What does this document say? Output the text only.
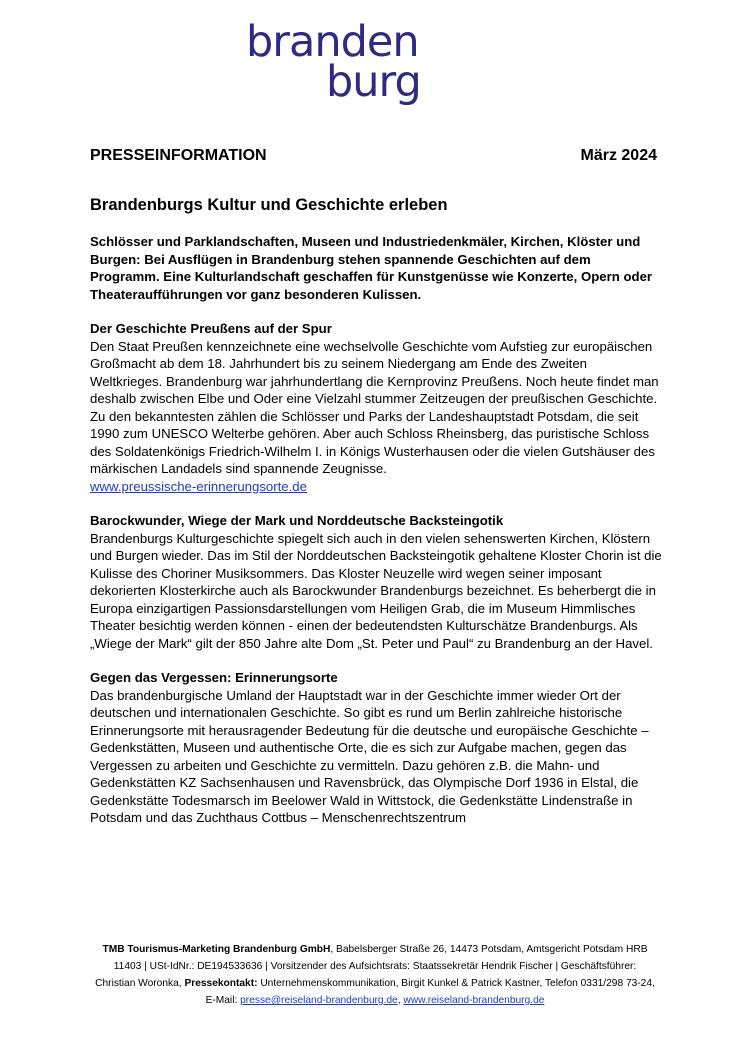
branden
burg
PRESSEINFORMATION	März 2024
Brandenburgs Kultur und Geschichte erleben

Schlösser und Parklandschaften, Museen und Industriedenkmäler, Kirchen, Klöster und Burgen: Bei Ausflügen in Brandenburg stehen spannende Geschichten auf dem Programm. Eine Kulturlandschaft geschaffen für Kunstgenüsse wie Konzerte, Opern oder Theateraufführungen vor ganz besonderen Kulissen.

Der Geschichte Preußens auf der Spur

Den Staat Preußen kennzeichnete eine wechselvolle Geschichte vom Aufstieg zur europäischen Großmacht ab dem 18. Jahrhundert bis zu seinem Niedergang am Ende des Zweiten Weltkrieges. Brandenburg war jahrhundertlang die Kernprovinz Preußens. Noch heute findet man deshalb zwischen Elbe und Oder eine Vielzahl stummer Zeitzeugen der preußischen Geschichte. Zu den bekanntesten zählen die Schlösser und Parks der Landeshauptstadt Potsdam, die seit 1990 zum UNESCO Welterbe gehören. Aber auch Schloss Rheinsberg, das puristische Schloss des Soldatenkönigs Friedrich-Wilhelm I. in Königs Wusterhausen oder die vielen Gutshäuser des märkischen Landadels sind spannende Zeugnisse.

www.preussische-erinnerungsorte.de
Barockwunder, Wiege der Mark und Norddeutsche Backsteingotik

Brandenburgs Kulturgeschichte spiegelt sich auch in den vielen sehenswerten Kirchen, Klöstern und Burgen wieder. Das im Stil der Norddeutschen Backsteingotik gehaltene Kloster Chorin ist die Kulisse des Choriner Musiksommers. Das Kloster Neuzelle wird wegen seiner imposant dekorierten Klosterkirche auch als Barockwunder Brandenburgs bezeichnet. Es beherbergt die in Europa einzigartigen Passionsdarstellungen vom Heiligen Grab, die im Museum Himmlisches Theater besichtig werden können - einen der bedeutendsten Kulturschätze Brandenburgs. Als „Wiege der Mark“ gilt der 850 Jahre alte Dom „St. Peter und Paul“ zu Brandenburg an der Havel.

Gegen das Vergessen: Erinnerungsorte

Das brandenburgische Umland der Hauptstadt war in der Geschichte immer wieder Ort der deutschen und internationalen Geschichte. So gibt es rund um Berlin zahlreiche historische Erinnerungsorte mit herausragender Bedeutung für die deutsche und europäische Geschichte – Gedenkstätten, Museen und authentische Orte, die es sich zur Aufgabe machen, gegen das Vergessen zu arbeiten und Geschichte zu vermitteln. Dazu gehören z.B. die Mahn- und Gedenkstätten KZ Sachsenhausen und Ravensbrück, das Olympische Dorf 1936 in Elstal, die Gedenkstätte Todesmarsch im Beelower Wald in Wittstock, die Gedenkstätte Lindenstraße in Potsdam und das Zuchthaus Cottbus – Menschenrechtszentrum

TMB Tourismus-Marketing Brandenburg GmbH, Babelsberger Straße 26, 14473 Potsdam, Amtsgericht Potsdam HRB 11403 | USt-IdNr.: DE194533636 | Vorsitzender des Aufsichtsrats: Staatssekretär Hendrik Fischer | Geschäftsführer: Christian Woronka, Pressekontakt: Unternehmenskommunikation, Birgit Kunkel & Patrick Kastner, Telefon 0331/298 73-24, E-Mail: presse@reiseland-brandenburg.de, www.reiseland-brandenburg.de
